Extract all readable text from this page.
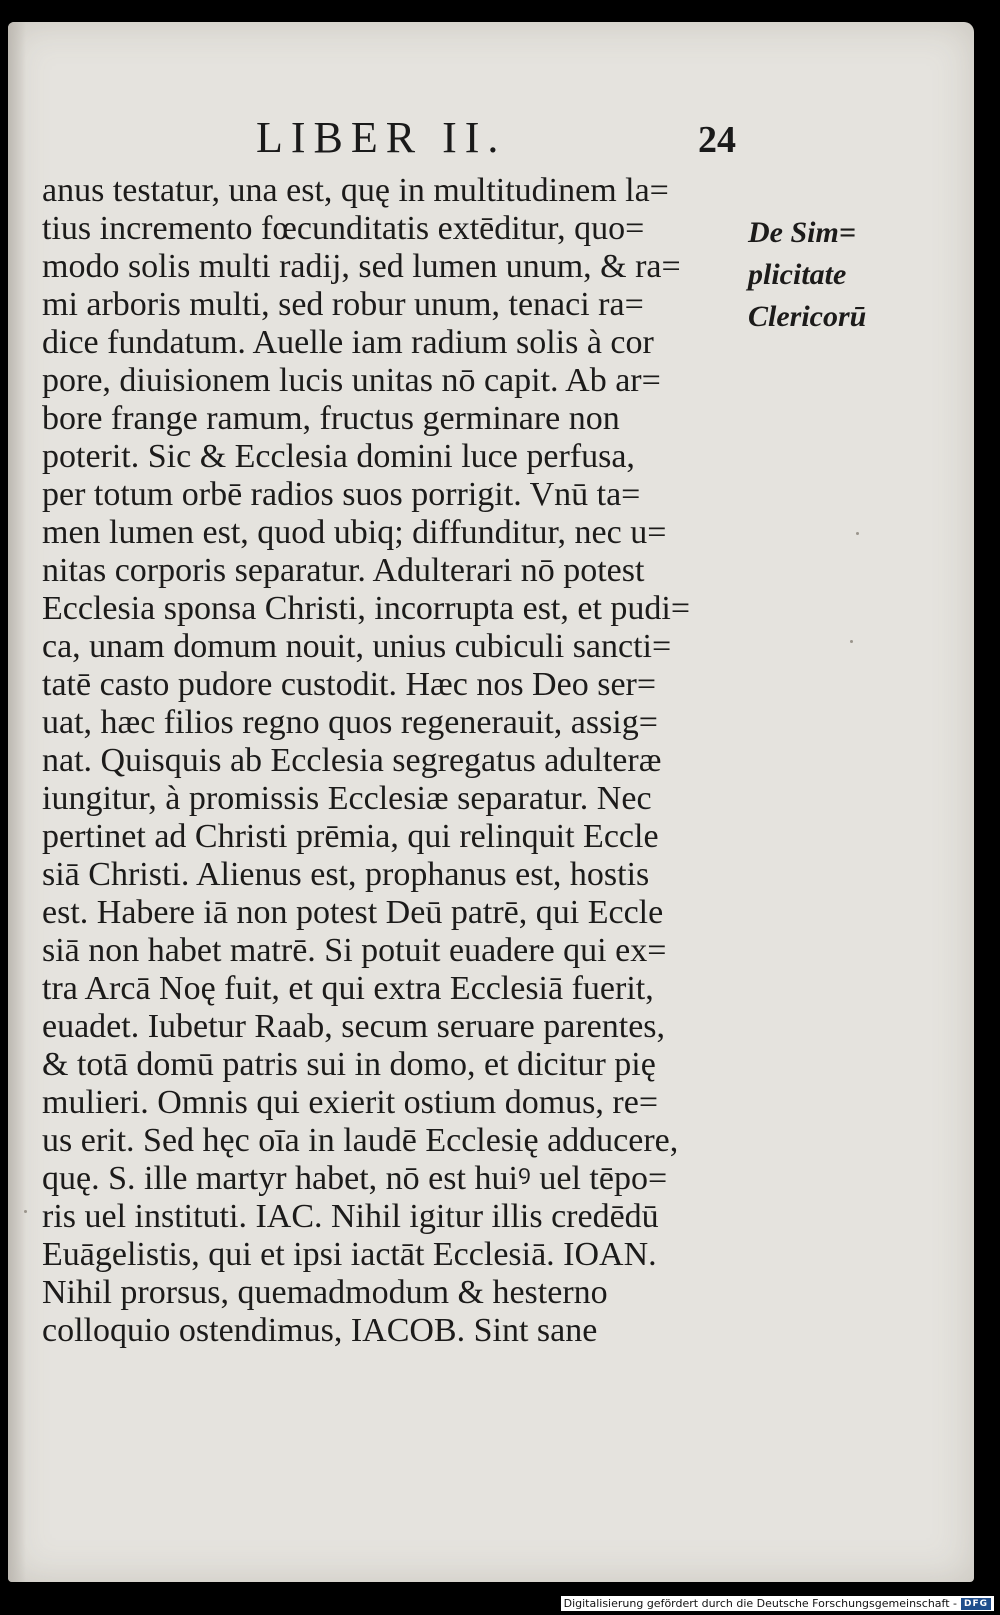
LIBER II.	24
anus testatur, una est, quę in multitudinem la=
tius incremento fœcunditatis extēditur, quo=
modo solis multi radij, sed lumen unum, & ra=
mi arboris multi, sed robur unum, tenaci ra=
dice fundatum. Auelle iam radium solis à cor
pore, diuisionem lucis unitas nō capit. Ab ar=
bore frange ramum, fructus germinare non
poterit. Sic & Ecclesia domini luce perfusa,
per totum orbē radios suos porrigit. Vnū ta=
men lumen est, quod ubiq; diffunditur, nec u=
nitas corporis separatur. Adulterari nō potest
Ecclesia sponsa Christi, incorrupta est, et pudi=
ca, unam domum nouit, unius cubiculi sancti=
tatē casto pudore custodit. Hæc nos Deo ser=
uat, hæc filios regno quos regenerauit, assig=
nat. Quisquis ab Ecclesia segregatus adulteræ
iungitur, à promissis Ecclesiæ separatur. Nec
pertinet ad Christi prēmia, qui relinquit Eccle
siā Christi. Alienus est, prophanus est, hostis
est. Habere iā non potest Deū patrē, qui Eccle
siā non habet matrē. Si potuit euadere qui ex=
tra Arcā Noę fuit, et qui extra Ecclesiā fuerit,
euadet. Iubetur Raab, secum seruare parentes,
& totā domū patris sui in domo, et dicitur pię
mulieri. Omnis qui exierit ostium domus, re=
us erit. Sed hęc oīa in laudē Ecclesię adducere,
quę. S. ille martyr habet, nō est huiꝰ uel tēpo=
ris uel instituti. IAC. Nihil igitur illis credēdū
Euāgelistis, qui et ipsi iactāt Ecclesiā. IOAN.
Nihil prorsus, quemadmodum & hesterno
colloquio ostendimus, IACOB. Sint sane
De Sim=
plicitate
Clericorū
Digitalisierung gefördert durch die Deutsche Forschungsgemeinschaft - DFG
